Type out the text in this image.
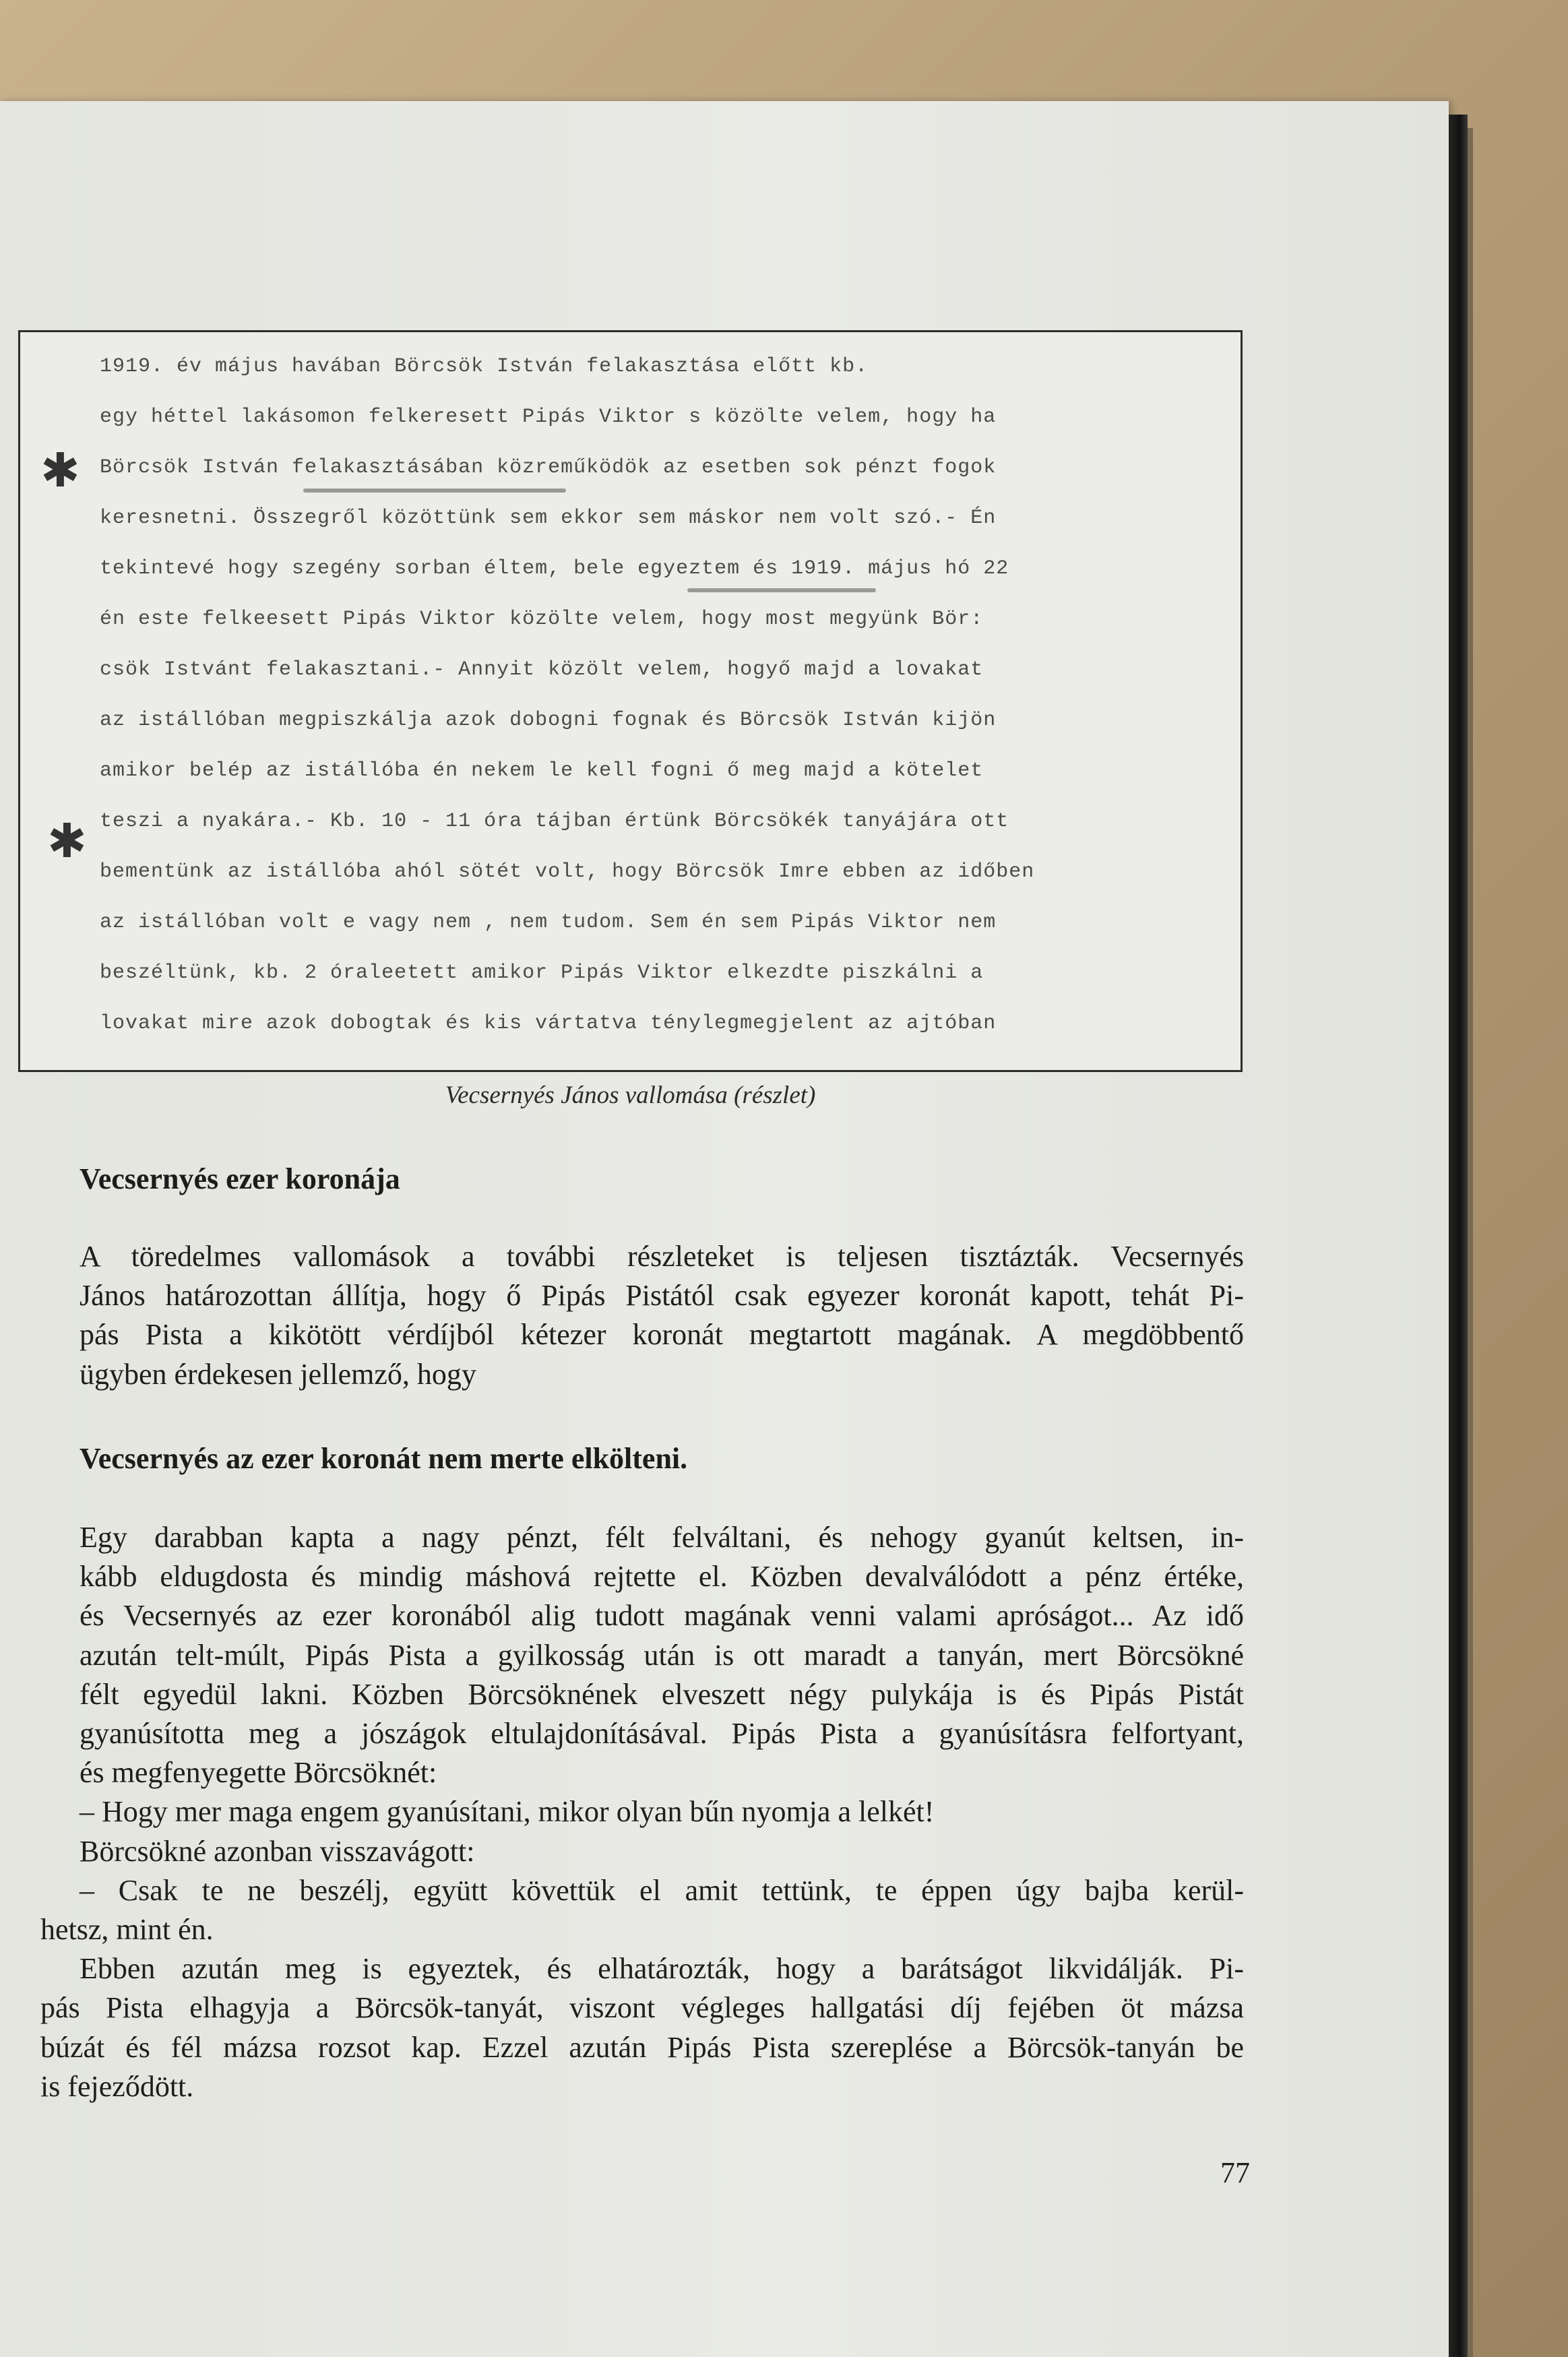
1919. év május havában Börcsök István felakasztása előtt kb.
egy héttel lakásomon felkeresett Pipás Viktor s közölte velem, hogy ha
Börcsök István felakasztásában közreműködök az esetben sok pénzt fogok
keresnetni. Összegről közöttünk sem ekkor sem máskor nem volt szó.- Én
tekintevé hogy szegény sorban éltem, bele egyeztem és 1919. május hó 22
én este felkeesett Pipás Viktor közölte velem, hogy most megyünk Bör:
csök Istvánt felakasztani.- Annyit közölt velem, hogyő majd a lovakat
az istállóban megpiszkálja azok dobogni fognak és Börcsök István kijön
amikor belép az istállóba én nekem le kell fogni ő meg majd a kötelet
teszi a nyakára.- Kb. 10 - 11 óra tájban értünk Börcsökék tanyájára ott
bementünk az istállóba ahól sötét volt, hogy Börcsök Imre ebben az időben
az istállóban volt e vagy nem , nem tudom. Sem én sem Pipás Viktor nem
beszéltünk, kb. 2 óraleetett amikor Pipás Viktor elkezdte piszkálni a
lovakat mire azok dobogtak és kis vártatva ténylegmegjelent az ajtóban
✱
✱
Vecsernyés János vallomása (részlet)
Vecsernyés ezer koronája
A töredelmes vallomások a további részleteket is teljesen tisztázták. Vecsernyés
János határozottan állítja, hogy ő Pipás Pistától csak egyezer koronát kapott, tehát Pi-
pás Pista a kikötött vérdíjból kétezer koronát megtartott magának. A megdöbbentő
ügyben érdekesen jellemző, hogy
Vecsernyés az ezer koronát nem merte elkölteni.
Egy darabban kapta a nagy pénzt, félt felváltani, és nehogy gyanút keltsen, in-
kább eldugdosta és mindig máshová rejtette el. Közben devalválódott a pénz értéke,
és Vecsernyés az ezer koronából alig tudott magának venni valami apróságot... Az idő
azután telt-múlt, Pipás Pista a gyilkosság után is ott maradt a tanyán, mert Börcsökné
félt egyedül lakni. Közben Börcsöknének elveszett négy pulykája is és Pipás Pistát
gyanúsította meg a jószágok eltulajdonításával. Pipás Pista a gyanúsításra felfortyant,
és megfenyegette Börcsöknét:
– Hogy mer maga engem gyanúsítani, mikor olyan bűn nyomja a lelkét!
Börcsökné azonban visszavágott:
– Csak te ne beszélj, együtt követtük el amit tettünk, te éppen úgy bajba kerül-
hetsz, mint én.
Ebben azután meg is egyeztek, és elhatározták, hogy a barátságot likvidálják. Pi-
pás Pista elhagyja a Börcsök-tanyát, viszont végleges hallgatási díj fejében öt mázsa
búzát és fél mázsa rozsot kap. Ezzel azután Pipás Pista szereplése a Börcsök-tanyán be
is fejeződött.
77
